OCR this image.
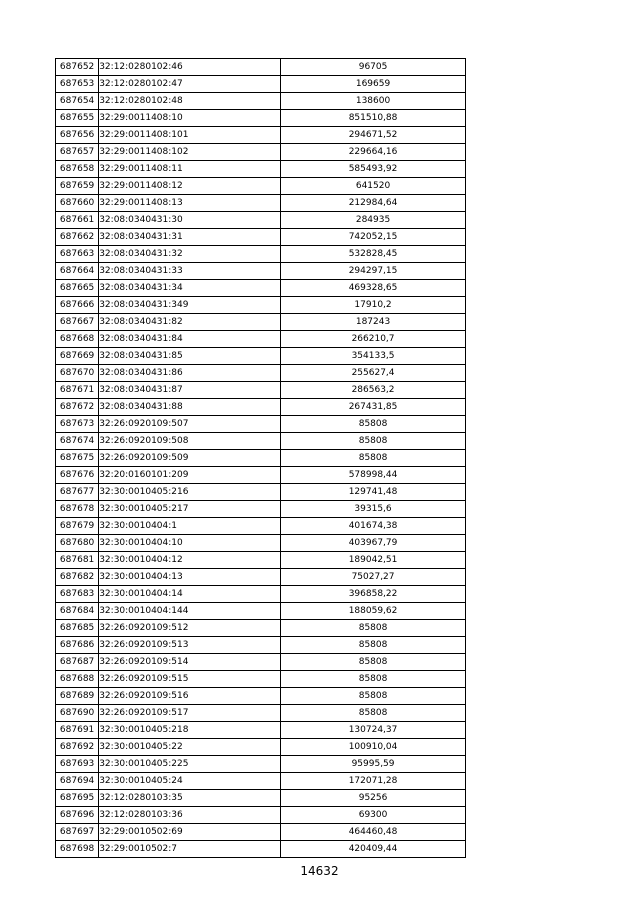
687652	32:12:0280102:46	96705
687653	32:12:0280102:47	169659
687654	32:12:0280102:48	138600
687655	32:29:0011408:10	851510,88
687656	32:29:0011408:101	294671,52
687657	32:29:0011408:102	229664,16
687658	32:29:0011408:11	585493,92
687659	32:29:0011408:12	641520
687660	32:29:0011408:13	212984,64
687661	32:08:0340431:30	284935
687662	32:08:0340431:31	742052,15
687663	32:08:0340431:32	532828,45
687664	32:08:0340431:33	294297,15
687665	32:08:0340431:34	469328,65
687666	32:08:0340431:349	17910,2
687667	32:08:0340431:82	187243
687668	32:08:0340431:84	266210,7
687669	32:08:0340431:85	354133,5
687670	32:08:0340431:86	255627,4
687671	32:08:0340431:87	286563,2
687672	32:08:0340431:88	267431,85
687673	32:26:0920109:507	85808
687674	32:26:0920109:508	85808
687675	32:26:0920109:509	85808
687676	32:20:0160101:209	578998,44
687677	32:30:0010405:216	129741,48
687678	32:30:0010405:217	39315,6
687679	32:30:0010404:1	401674,38
687680	32:30:0010404:10	403967,79
687681	32:30:0010404:12	189042,51
687682	32:30:0010404:13	75027,27
687683	32:30:0010404:14	396858,22
687684	32:30:0010404:144	188059,62
687685	32:26:0920109:512	85808
687686	32:26:0920109:513	85808
687687	32:26:0920109:514	85808
687688	32:26:0920109:515	85808
687689	32:26:0920109:516	85808
687690	32:26:0920109:517	85808
687691	32:30:0010405:218	130724,37
687692	32:30:0010405:22	100910,04
687693	32:30:0010405:225	95995,59
687694	32:30:0010405:24	172071,28
687695	32:12:0280103:35	95256
687696	32:12:0280103:36	69300
687697	32:29:0010502:69	464460,48
687698	32:29:0010502:7	420409,44
14632
